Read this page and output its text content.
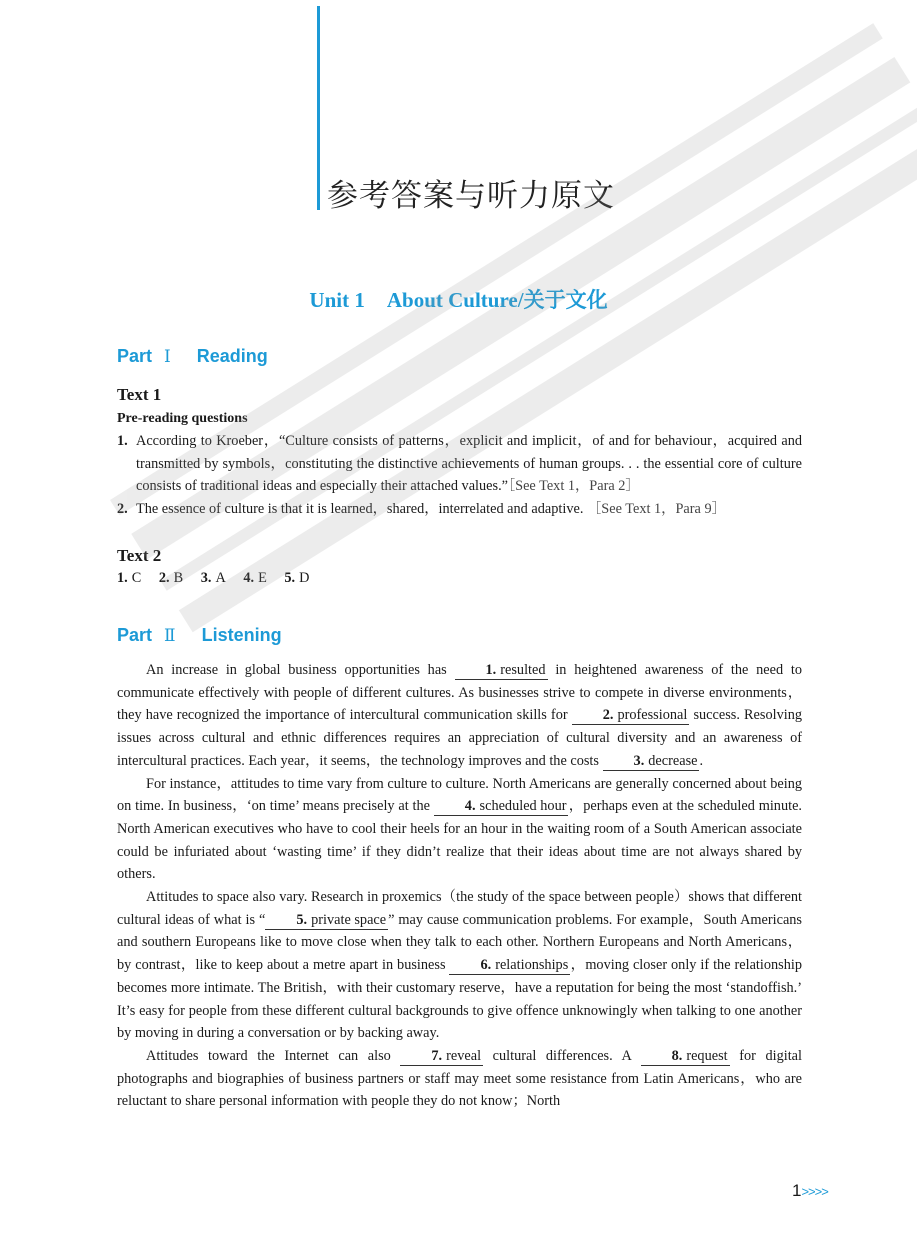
参考答案与听力原文
Unit 1 About Culture/关于文化
Part Ⅰ Reading
Text 1
Pre-reading questions
1. According to Kroeber，“Culture consists of patterns，explicit and implicit，of and for behaviour，acquired and transmitted by symbols，constituting the distinctive achievements of human groups. . . the essential core of culture consists of traditional ideas and especially their attached values.”［See Text 1，Para 2］
2. The essence of culture is that it is learned，shared，interrelated and adaptive. ［See Text 1，Para 9］
Text 2
1. C 2. B 3. A 4. E 5. D
Part Ⅱ Listening

An increase in global business opportunities has	1. resulted in heightened awareness of the need to communicate effectively with people of different cultures. As businesses strive to compete in diverse environments，they have recognized the importance of intercultural communication skills for 2. professional success. Resolving issues across cultural and ethnic differences requires an appreciation of cultural diversity and an awareness of intercultural practices. Each year，it seems，the technology improves and the costs 3. decrease .

For instance，attitudes to time vary from culture to culture. North Americans are generally concerned about being on time. In business，‘on time’ means precisely at the 4. scheduled hour ，perhaps even at the scheduled minute. North American executives who have to cool their heels for an hour in the waiting room of a South American associate could be infuriated about ‘wasting time’ if they didn’t realize that their ideas about time are not always shared by others.

Attitudes to space also vary. Research in proxemics（the study of the space between people）shows that different cultural ideas of what is “ 5. private space ” may cause communication problems. For example，South Americans and southern Europeans like to move close when they talk to each other. Northern Europeans and North Americans，by contrast，like to keep about a metre apart in business 6. relationships ，moving closer only if the relationship becomes more intimate. The British，with their customary reserve，have a reputation for being the most ‘standoffish.’ It’s easy for people from these different cultural backgrounds to give offence unknowingly when talking to one another by moving in during a conversation or by backing away.

Attitudes toward the Internet can also	7. reveal cultural differences. A	8. request for digital photographs and biographies of business partners or staff may meet some resistance from Latin Americans，who are reluctant to share personal information with people they do not know；North

1>>>>
